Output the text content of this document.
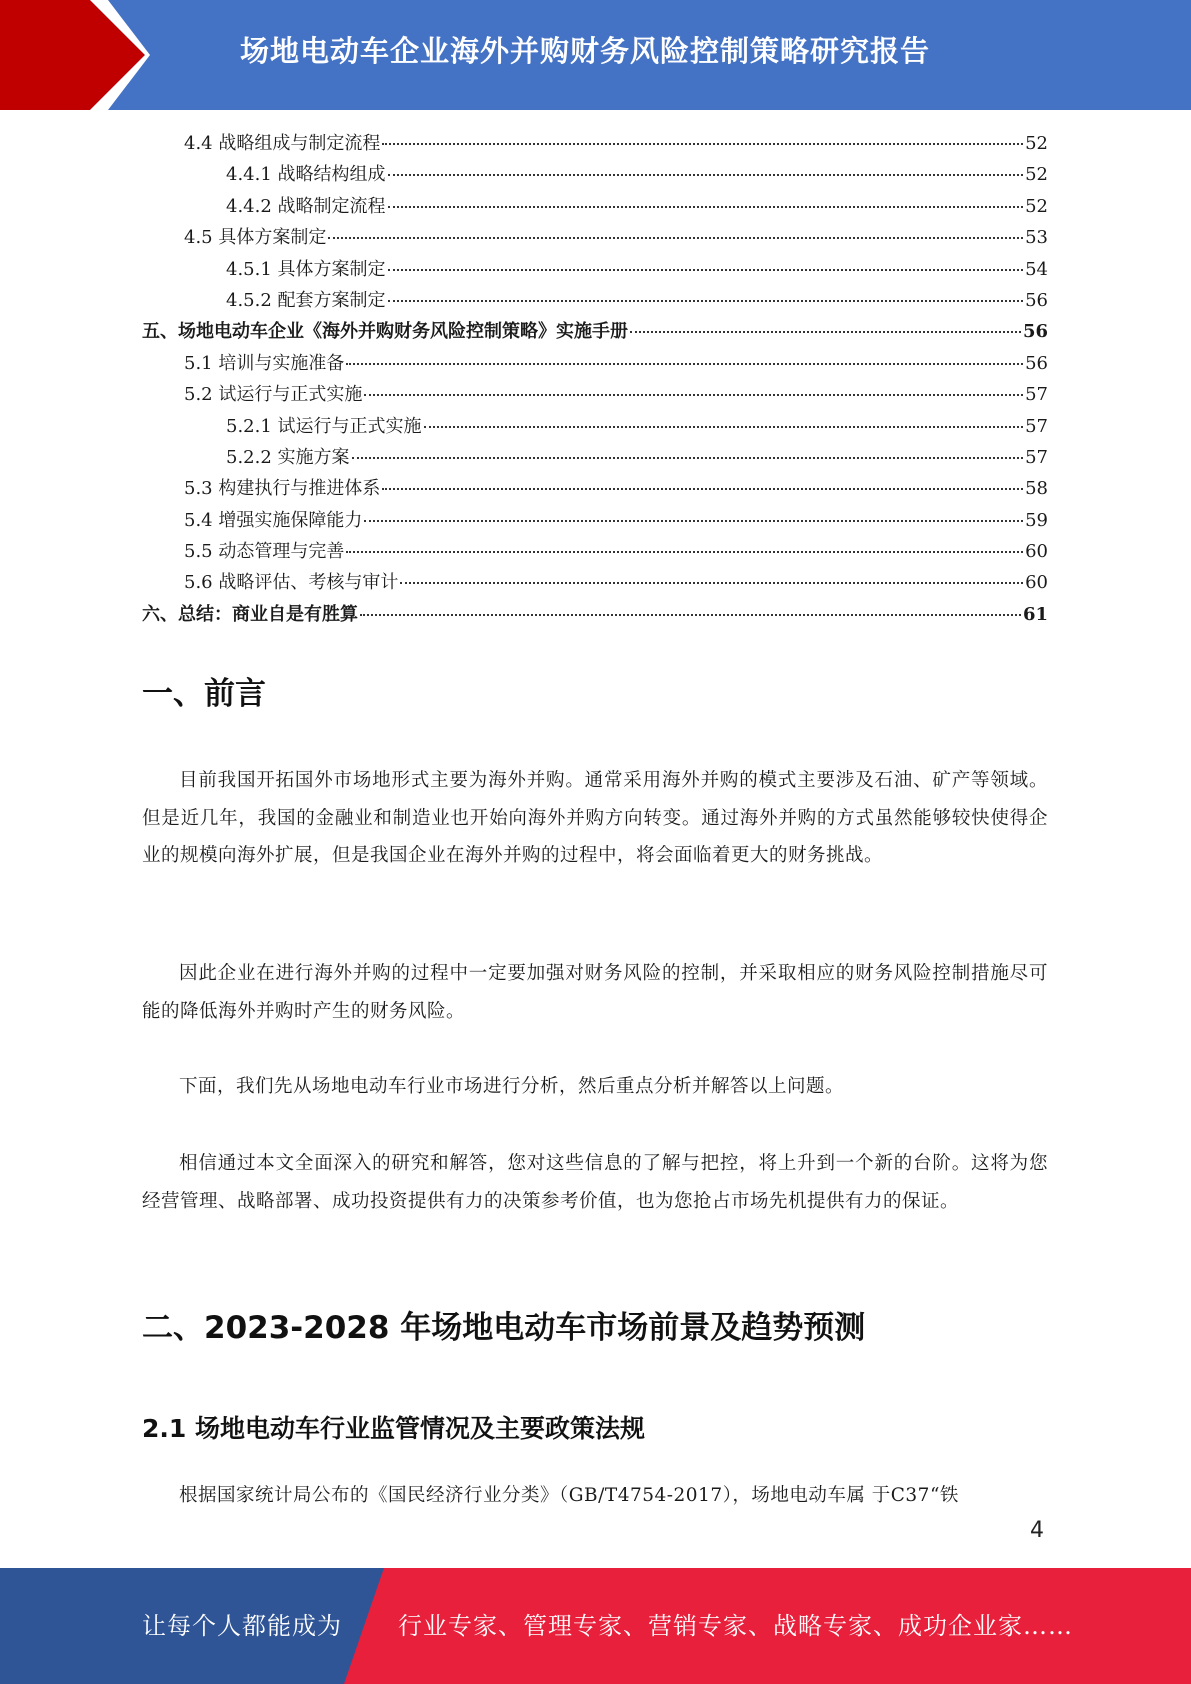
场地电动车企业海外并购财务风险控制策略研究报告
4.4 战略组成与制定流程	52
4.4.1 战略结构组成	52
4.4.2 战略制定流程	52
4.5 具体方案制定	53
4.5.1 具体方案制定	54
4.5.2 配套方案制定	56
五、场地电动车企业《海外并购财务风险控制策略》实施手册	56
5.1 培训与实施准备	56
5.2 试运行与正式实施	57
5.2.1 试运行与正式实施	57
5.2.2 实施方案	57
5.3 构建执行与推进体系	58
5.4 增强实施保障能力	59
5.5 动态管理与完善	60
5.6 战略评估、考核与审计	60
六、总结：商业自是有胜算	61
一、前言
目前我国开拓国外市场地形式主要为海外并购。通常采用海外并购的模式主要涉及石油、矿产等领域。但是近几年，我国的金融业和制造业也开始向海外并购方向转变。通过海外并购的方式虽然能够较快使得企业的规模向海外扩展，但是我国企业在海外并购的过程中，将会面临着更大的财务挑战。
因此企业在进行海外并购的过程中一定要加强对财务风险的控制，并采取相应的财务风险控制措施尽可能的降低海外并购时产生的财务风险。
下面，我们先从场地电动车行业市场进行分析，然后重点分析并解答以上问题。
相信通过本文全面深入的研究和解答，您对这些信息的了解与把控，将上升到一个新的台阶。这将为您经营管理、战略部署、成功投资提供有力的决策参考价值，也为您抢占市场先机提供有力的保证。
二、2023-2028 年场地电动车市场前景及趋势预测
2.1 场地电动车行业监管情况及主要政策法规
根据国家统计局公布的《国民经济行业分类》（GB/T4754-2017），场地电动车属 于C37“铁
4
让每个人都能成为 行业专家、管理专家、营销专家、战略专家、成功企业家……
